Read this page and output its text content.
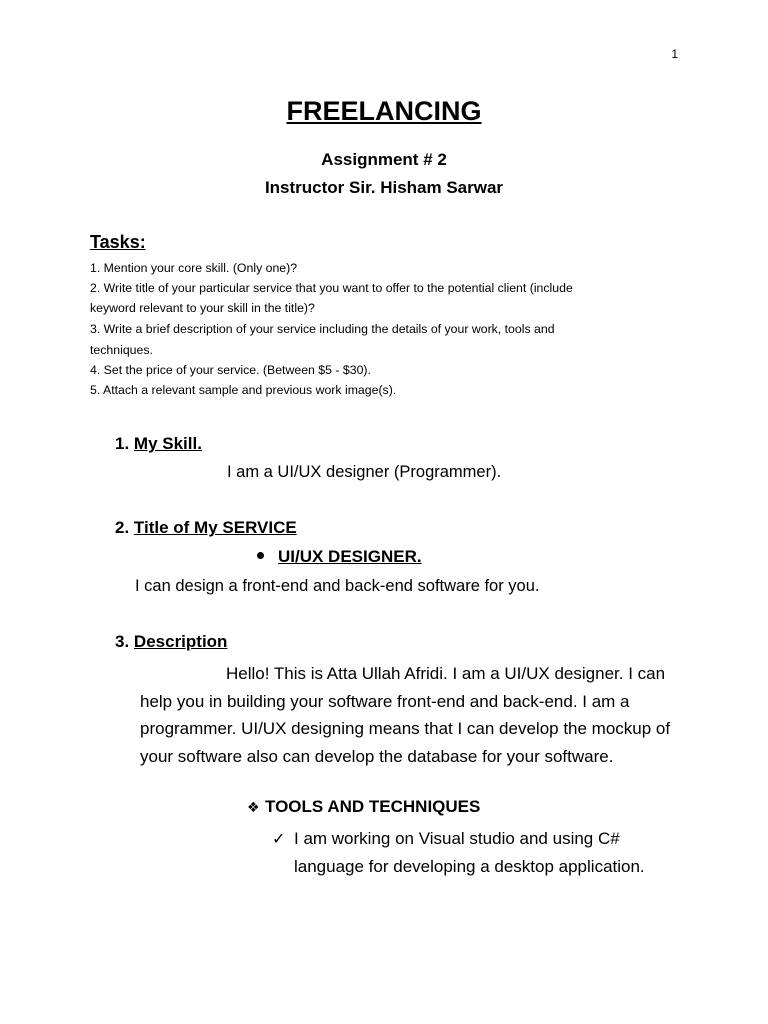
1
FREELANCING
Assignment # 2
Instructor Sir. Hisham Sarwar
Tasks:
1. Mention your core skill. (Only one)?
2. Write title of your particular service that you want to offer to the potential client (include
keyword relevant to your skill in the title)?
3. Write a brief description of your service including the details of your work, tools and
techniques.
4. Set the price of your service. (Between $5 - $30).
5. Attach a relevant sample and previous work image(s).
1. My Skill.
I am a UI/UX designer (Programmer).
2. Title of My SERVICE
UI/UX DESIGNER.
I can design a front-end and back-end software for you.
3. Description
Hello! This is Atta Ullah Afridi. I am a UI/UX designer. I can help you in building your software front-end and back-end. I am a programmer. UI/UX designing means that I can develop the mockup of your software also can develop the database for your software.
❖ TOOLS AND TECHNIQUES
✓ I am working on Visual studio and using C# language for developing a desktop application.
